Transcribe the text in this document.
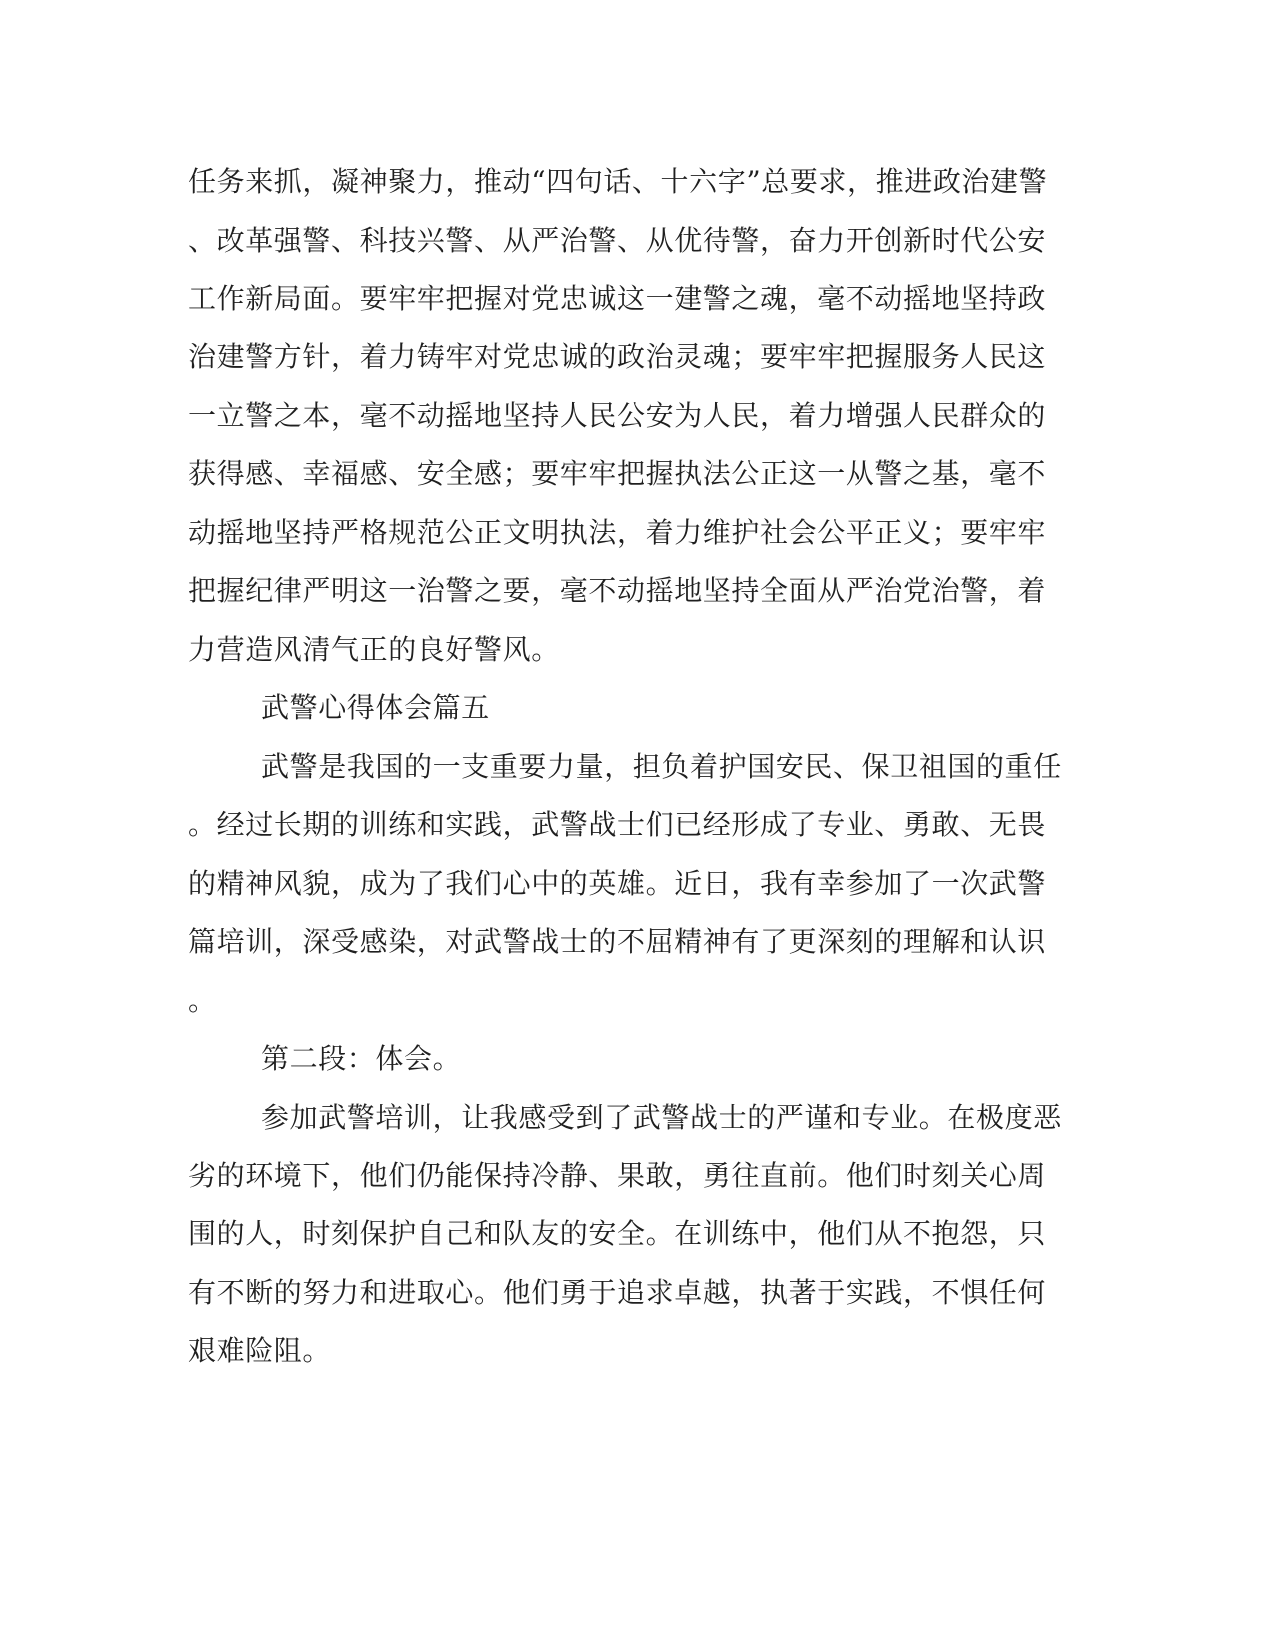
任务来抓，凝神聚力，推动“四句话、十六字”总要求，推进政治建警

、改革强警、科技兴警、从严治警、从优待警，奋力开创新时代公安

工作新局面。要牢牢把握对党忠诚这一建警之魂，毫不动摇地坚持政

治建警方针，着力铸牢对党忠诚的政治灵魂；要牢牢把握服务人民这

一立警之本，毫不动摇地坚持人民公安为人民，着力增强人民群众的

获得感、幸福感、安全感；要牢牢把握执法公正这一从警之基，毫不

动摇地坚持严格规范公正文明执法，着力维护社会公平正义；要牢牢

把握纪律严明这一治警之要，毫不动摇地坚持全面从严治党治警，着

力营造风清气正的良好警风。

武警心得体会篇五

武警是我国的一支重要力量，担负着护国安民、保卫祖国的重任

。经过长期的训练和实践，武警战士们已经形成了专业、勇敢、无畏

的精神风貌，成为了我们心中的英雄。近日，我有幸参加了一次武警

篇培训，深受感染，对武警战士的不屈精神有了更深刻的理解和认识

。

第二段：体会。

参加武警培训，让我感受到了武警战士的严谨和专业。在极度恶

劣的环境下，他们仍能保持冷静、果敢，勇往直前。他们时刻关心周

围的人，时刻保护自己和队友的安全。在训练中，他们从不抱怨，只

有不断的努力和进取心。他们勇于追求卓越，执著于实践，不惧任何

艰难险阻。
